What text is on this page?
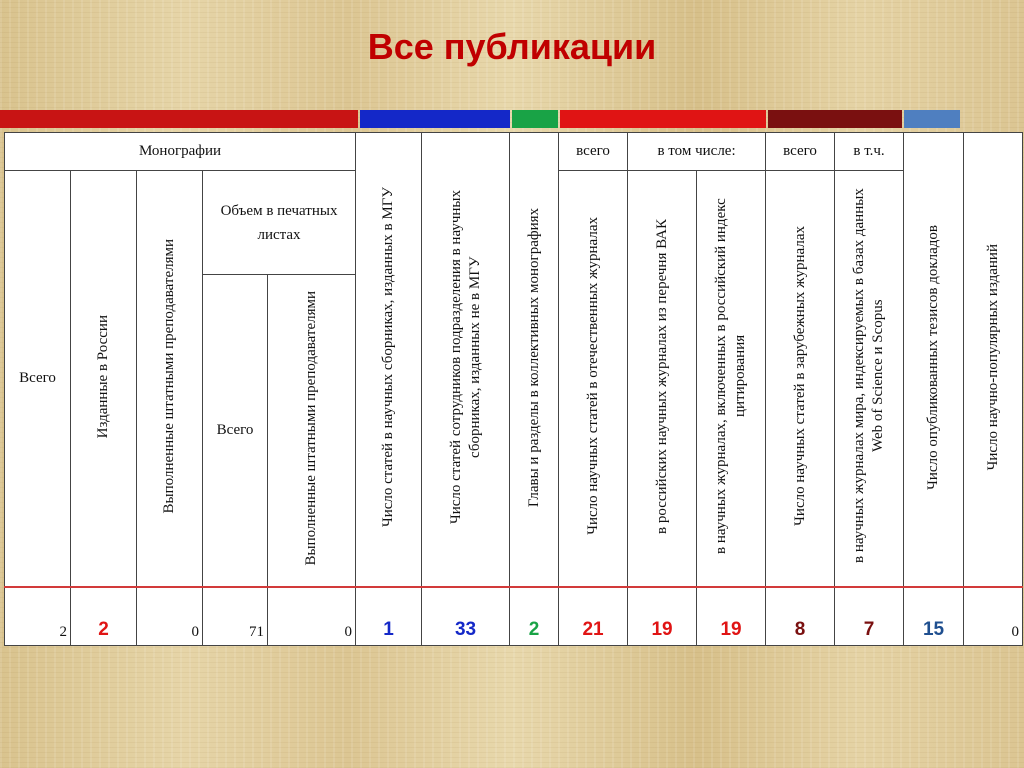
Все публикации
Монографии					Число статей в научных сборниках, изданных в МГУ	Число статей сотрудников подразделения в научных сборниках, изданных не в МГУ	Главы и разделы в коллективных монографиях	всего	в том числе:		всего	в т.ч.	Число опубликованных тезисов докладов	Число научно-популярных изданий
Всего	Изданные в России	Выполненные штатными преподавателями	Объем в печатных листах					Число научных статей в отечественных журналах	в российских научных журналах из перечня ВАК	в научных журналах, включенных в российский индекс цитирования	Число научных статей в зарубежных журналах	в научных журналах мира, индексируемых в базах данных Web of Science и Scopus		
			Всего	Выполненные штатными преподавателями										

2	2	0	71	0	1	33	2	21	19	19	8	7	15	0
